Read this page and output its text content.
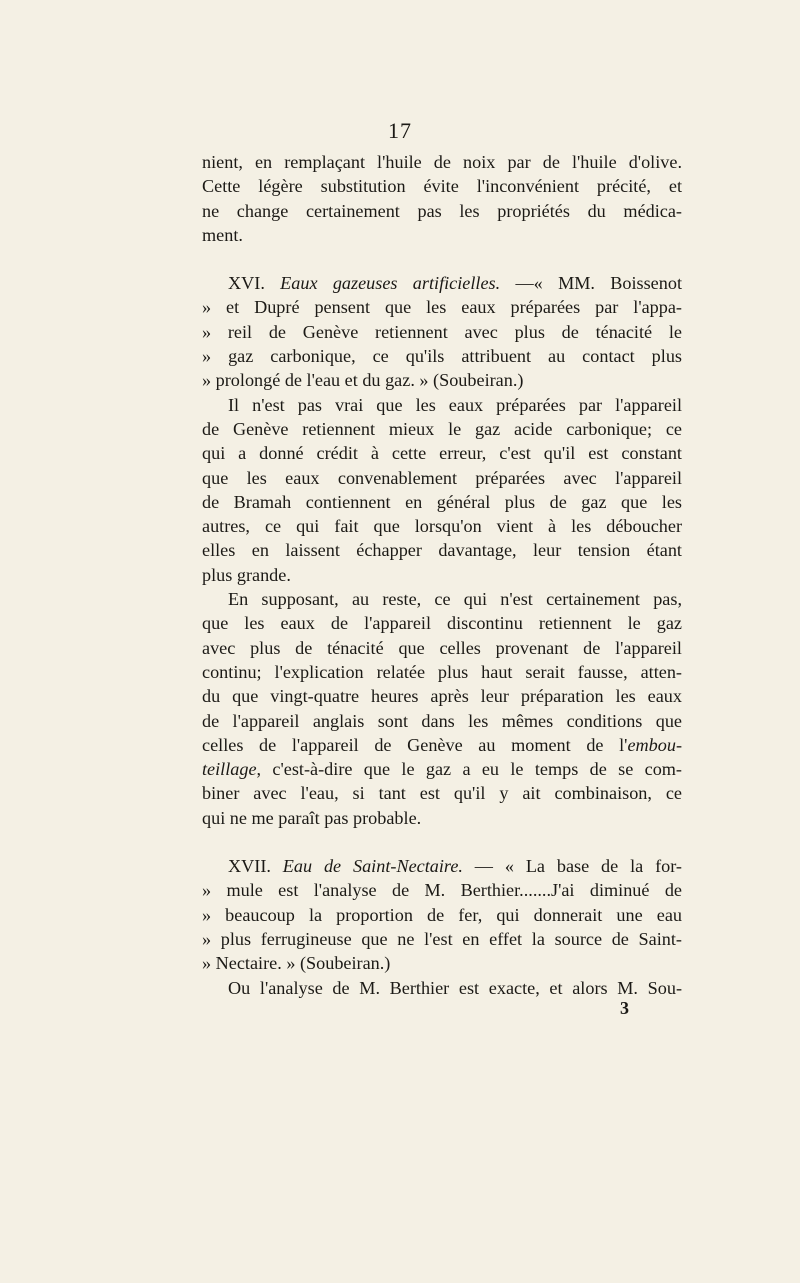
17
nient, en remplaçant l'huile de noix par de l'huile d'olive.
Cette légère substitution évite l'inconvénient précité, et
ne change certainement pas les propriétés du médica-
ment.
XVI. Eaux gazeuses artificielles. —« MM. Boissenot
» et Dupré pensent que les eaux préparées par l'appa-
» reil de Genève retiennent avec plus de ténacité le
» gaz carbonique, ce qu'ils attribuent au contact plus
» prolongé de l'eau et du gaz. » (Soubeiran.)
Il n'est pas vrai que les eaux préparées par l'appareil
de Genève retiennent mieux le gaz acide carbonique; ce
qui a donné crédit à cette erreur, c'est qu'il est constant
que les eaux convenablement préparées avec l'appareil
de Bramah contiennent en général plus de gaz que les
autres, ce qui fait que lorsqu'on vient à les déboucher
elles en laissent échapper davantage, leur tension étant
plus grande.
En supposant, au reste, ce qui n'est certainement pas,
que les eaux de l'appareil discontinu retiennent le gaz
avec plus de ténacité que celles provenant de l'appareil
continu; l'explication relatée plus haut serait fausse, atten-
du que vingt-quatre heures après leur préparation les eaux
de l'appareil anglais sont dans les mêmes conditions que
celles de l'appareil de Genève au moment de l'embou-
teillage, c'est-à-dire que le gaz a eu le temps de se com-
biner avec l'eau, si tant est qu'il y ait combinaison, ce
qui ne me paraît pas probable.
XVII. Eau de Saint-Nectaire. — « La base de la for-
» mule est l'analyse de M. Berthier.......J'ai diminué de
» beaucoup la proportion de fer, qui donnerait une eau
» plus ferrugineuse que ne l'est en effet la source de Saint-
» Nectaire. » (Soubeiran.)
Ou l'analyse de M. Berthier est exacte, et alors M. Sou-
3
